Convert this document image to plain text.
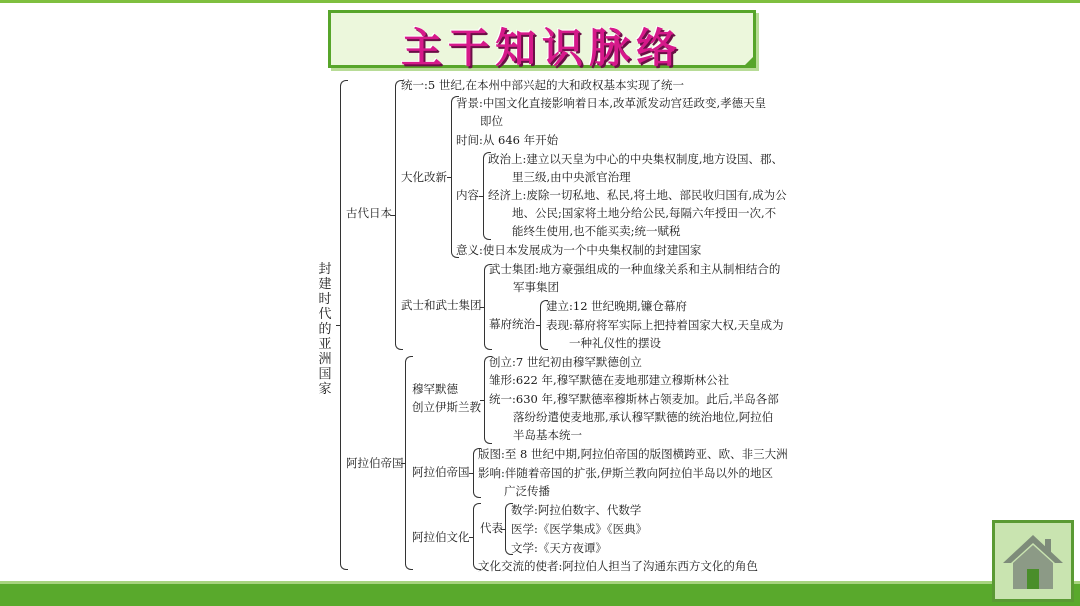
主干知识脉络
封建时代的亚洲国家
古代日本
统一:5 世纪,在本州中部兴起的大和政权基本实现了统一
大化改新
背景:中国文化直接影响着日本,改革派发动宫廷政变,孝德天皇
即位
时间:从 646 年开始
内容
政治上:建立以天皇为中心的中央集权制度,地方设国、郡、
里三级,由中央派官治理
经济上:废除一切私地、私民,将土地、部民收归国有,成为公
地、公民;国家将土地分给公民,每隔六年授田一次,不
能终生使用,也不能买卖;统一赋税
意义:使日本发展成为一个中央集权制的封建国家
武士和武士集团
武士集团:地方豪强组成的一种血缘关系和主从制相结合的
军事集团
幕府统治
建立:12 世纪晚期,镰仓幕府
表现:幕府将军实际上把持着国家大权,天皇成为
一种礼仪性的摆设
阿拉伯帝国
穆罕默德
创立伊斯兰教
创立:7 世纪初由穆罕默德创立
雏形:622 年,穆罕默德在麦地那建立穆斯林公社
统一:630 年,穆罕默德率穆斯林占领麦加。此后,半岛各部
落纷纷遣使麦地那,承认穆罕默德的统治地位,阿拉伯
半岛基本统一
阿拉伯帝国
版图:至 8 世纪中期,阿拉伯帝国的版图横跨亚、欧、非三大洲
影响:伴随着帝国的扩张,伊斯兰教向阿拉伯半岛以外的地区
广泛传播
阿拉伯文化
代表
数学:阿拉伯数字、代数学
医学:《医学集成》《医典》
文学:《天方夜谭》
文化交流的使者:阿拉伯人担当了沟通东西方文化的角色
